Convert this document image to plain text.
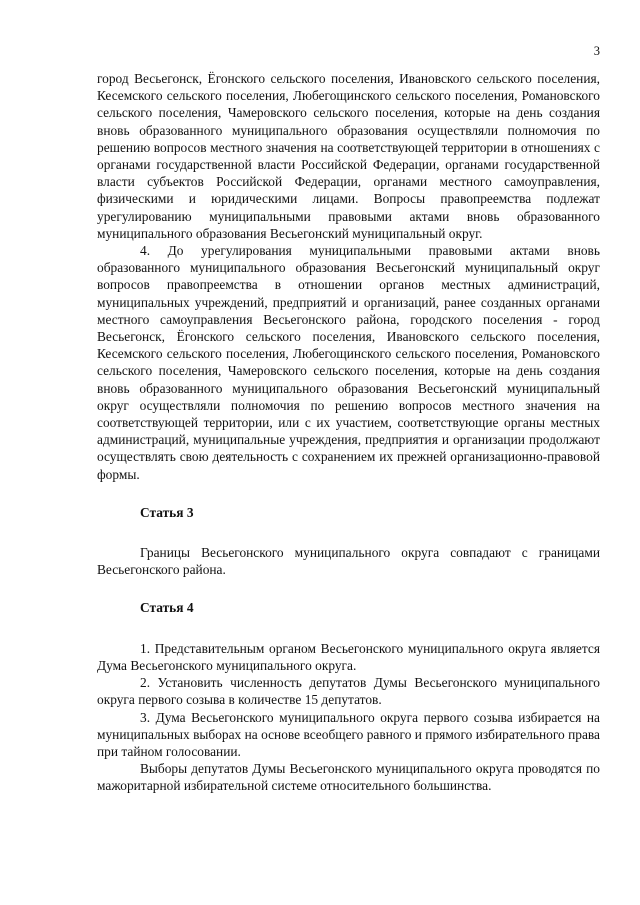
3

город Весьегонск, Ёгонского сельского поселения, Ивановского сельского поселения, Кесемского сельского поселения, Любегощинского сельского поселения, Романовского сельского поселения, Чамеровского сельского поселения, которые на день создания вновь образованного муниципального образования осуществляли полномочия по решению вопросов местного значения на соответствующей территории в отношениях с органами государственной власти Российской Федерации, органами государственной власти субъектов Российской Федерации, органами местного самоуправления, физическими и юридическими лицами. Вопросы правопреемства подлежат урегулированию муниципальными правовыми актами вновь образованного муниципального образования Весьегонский муниципальный округ.

4. До урегулирования муниципальными правовыми актами вновь образованного муниципального образования Весьегонский муниципальный округ вопросов правопреемства в отношении органов местных администраций, муниципальных учреждений, предприятий и организаций, ранее созданных органами местного самоуправления Весьегонского района, городского поселения - город Весьегонск, Ёгонского сельского поселения, Ивановского сельского поселения, Кесемского сельского поселения, Любегощинского сельского поселения, Романовского сельского поселения, Чамеровского сельского поселения, которые на день создания вновь образованного муниципального образования Весьегонский муниципальный округ осуществляли полномочия по решению вопросов местного значения на соответствующей территории, или с их участием, соответствующие органы местных администраций, муниципальные учреждения, предприятия и организации продолжают осуществлять свою деятельность с сохранением их прежней организационно-правовой формы.

Статья 3

Границы Весьегонского муниципального округа совпадают с границами Весьегонского района.

Статья 4

1. Представительным органом Весьегонского муниципального округа является Дума Весьегонского муниципального округа.

2. Установить численность депутатов Думы Весьегонского муниципального округа первого созыва в количестве 15 депутатов.

3. Дума Весьегонского муниципального округа первого созыва избирается на муниципальных выборах на основе всеобщего равного и прямого избирательного права при тайном голосовании.

Выборы депутатов Думы Весьегонского муниципального округа проводятся по мажоритарной избирательной системе относительного большинства.
